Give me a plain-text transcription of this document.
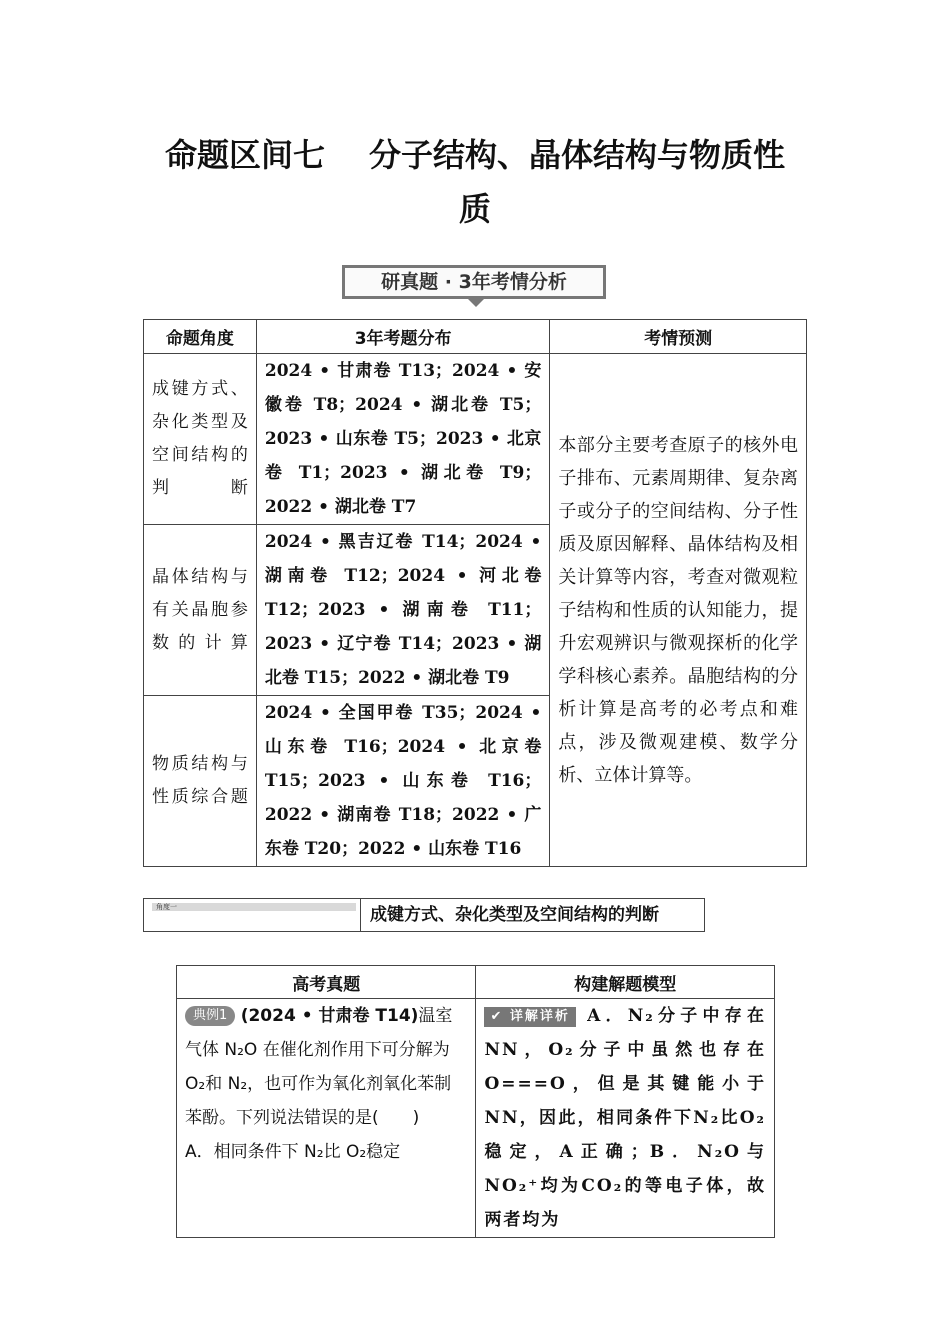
命题区间七 分子结构、晶体结构与物质性
质
研真题 · 3年考情分析
命题角度	3年考题分布	考情预测
成键方式、杂化类型及空间结构的判断	2024 • 甘肃卷 T13；2024 • 安徽卷 T8；2024 • 湖北卷 T5；2023 • 山东卷 T5；2023 • 北京卷 T1；2023 • 湖北卷 T9；2022 • 湖北卷 T7	本部分主要考查原子的核外电子排布、元素周期律、复杂离子或分子的空间结构、分子性质及原因解释、晶体结构及相关计算等内容，考查对微观粒子结构和性质的认知能力，提升宏观辨识与微观探析的化学学科核心素养。晶胞结构的分析计算是高考的必考点和难点，涉及微观建模、数学分析、立体计算等。
晶体结构与有关晶胞参数的计算	2024 • 黑吉辽卷 T14；2024 • 湖南卷 T12；2024 • 河北卷 T12；2023 • 湖南卷 T11；2023 • 辽宁卷 T14；2023 • 湖北卷 T15；2022 • 湖北卷 T9	
物质结构与性质综合题	2024 • 全国甲卷 T35；2024 • 山东卷 T16；2024 • 北京卷 T15；2023 • 山东卷 T16；2022 • 湖南卷 T18；2022 • 广东卷 T20；2022 • 山东卷 T16	
角度一	成键方式、杂化类型及空间结构的判断
高考真题	构建解题模型
典例1 (2024 • 甘肃卷 T14)温室气体 N₂O 在催化剂作用下可分解为 O₂和 N₂，也可作为氧化剂氧化苯制苯酚。下列说法错误的是(　　)
A．相同条件下 N₂比 O₂稳定	✔ 详解详析 A．N₂分子中存在NN，O₂分子中虽然也存在O===O，但是其键能小于NN，因此，相同条件下N₂比O₂稳定，A正确；B．N₂O与NO₂⁺均为CO₂的等电子体，故两者均为
